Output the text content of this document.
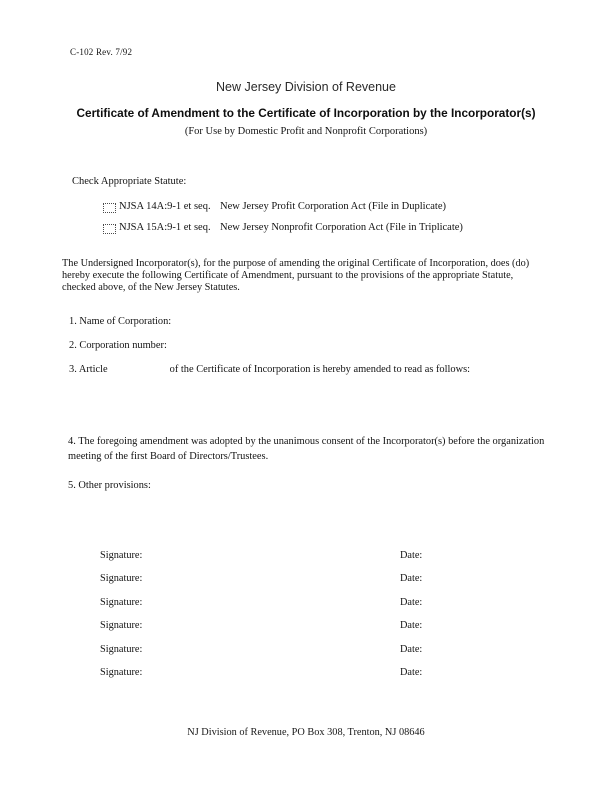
C-102 Rev. 7/92
New Jersey Division of Revenue
Certificate of Amendment to the Certificate of Incorporation by the Incorporator(s)
(For Use by Domestic Profit and Nonprofit Corporations)
Check Appropriate Statute:
NJSA 14A:9-1 et seq. New Jersey Profit Corporation Act (File in Duplicate)
NJSA 15A:9-1 et seq. New Jersey Nonprofit Corporation Act (File in Triplicate)
The Undersigned Incorporator(s), for the purpose of amending the original Certificate of Incorporation, does (do) hereby execute the following Certificate of Amendment, pursuant to the provisions of the appropriate Statute, checked above, of the New Jersey Statutes.
1. Name of Corporation:
2. Corporation number:
3. Article	of the Certificate of Incorporation is hereby amended to read as follows:
4. The foregoing amendment was adopted by the unanimous consent of the Incorporator(s) before the organization meeting of the first Board of Directors/Trustees.
5. Other provisions:
Signature:	Date:
Signature:	Date:
Signature:	Date:
Signature:	Date:
Signature:	Date:
Signature:	Date:
NJ Division of Revenue, PO Box 308, Trenton, NJ 08646
